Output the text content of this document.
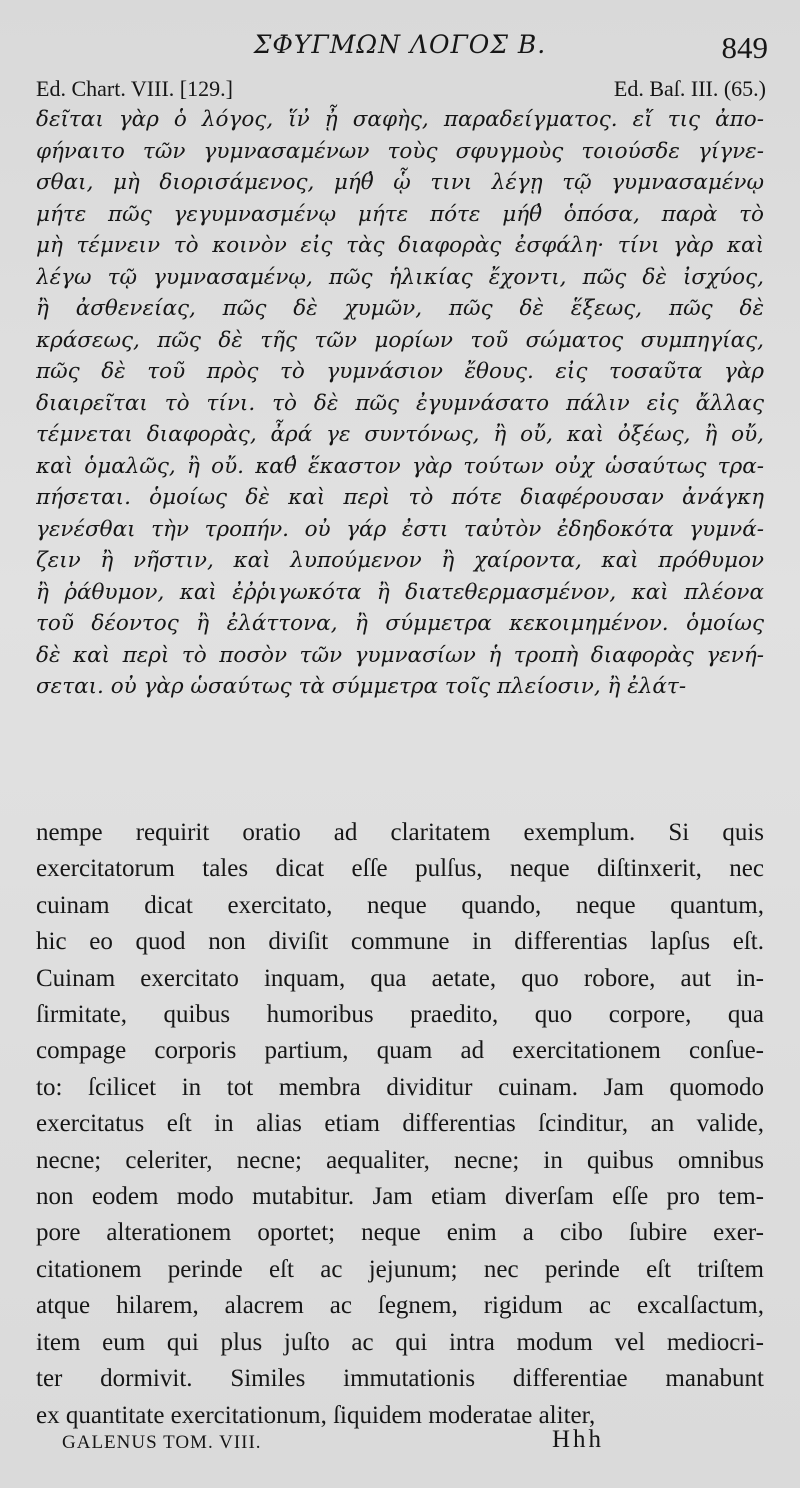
ΣΦΥΓΜΩΝ ΛΟΓΟΣ Β.	849
Ed. Chart. VIII. [129.]	Ed. Baſ. III. (65.)
δεῖται γὰρ ὁ λόγος, ἵν̓ ᾖ σαφὴς, παραδείγματος. εἴ τις ἀπο-
φήναιτο τῶν γυμνασαμένων τοὺς σφυγμοὺς τοιούσδε γίγνε-
σθαι, μὴ διορισάμενος, μήθ̓ ᾧ τινι λέγῃ τῷ γυμνασαμένῳ
μήτε πῶς γεγυμνασμένῳ μήτε πότε μήθ̓ ὁπόσα, παρὰ τὸ
μὴ τέμνειν τὸ κοινὸν εἰς τὰς διαφορὰς ἐσφάλη· τίνι γὰρ καὶ
λέγω τῷ γυμνασαμένῳ, πῶς ἡλικίας ἔχοντι, πῶς δὲ ἰσχύος,
ἢ ἀσθενείας, πῶς δὲ χυμῶν, πῶς δὲ ἕξεως, πῶς δὲ
κράσεως, πῶς δὲ τῆς τῶν μορίων τοῦ σώματος συμπηγίας,
πῶς δὲ τοῦ πρὸς τὸ γυμνάσιον ἔθους. εἰς τοσαῦτα γὰρ
διαιρεῖται τὸ τίνι. τὸ δὲ πῶς ἐγυμνάσατο πάλιν εἰς ἄλλας
τέμνεται διαφορὰς, ἆρά γε συντόνως, ἢ οὔ, καὶ ὀξέως, ἢ οὔ,
καὶ ὁμαλῶς, ἢ οὔ. καθ̓ ἕκαστον γὰρ τούτων οὐχ ὡσαύτως τρα-
πήσεται. ὁμοίως δὲ καὶ περὶ τὸ πότε διαφέρουσαν ἀνάγκη
γενέσθαι τὴν τροπήν. οὐ γάρ ἐστι ταὐτὸν ἐδηδοκότα γυμνά-
ζειν ἢ νῆστιν, καὶ λυπούμενον ἢ χαίροντα, καὶ πρόθυμον
ἢ ῥάθυμον, καὶ ἐῤῥιγωκότα ἢ διατεθερμασμένον, καὶ πλέονα
τοῦ δέοντος ἢ ἐλάττονα, ἢ σύμμετρα κεκοιμημένον. ὁμοίως
δὲ καὶ περὶ τὸ ποσὸν τῶν γυμνασίων ἡ τροπὴ διαφορὰς γενή-
σεται. οὐ γὰρ ὡσαύτως τὰ σύμμετρα τοῖς πλείοσιν, ἢ ἐλάτ-
nempe requirit oratio ad claritatem exemplum. Si quis
exercitatorum tales dicat eſſe pulſus, neque diſtinxerit, nec
cuinam dicat exercitato, neque quando, neque quantum,
hic eo quod non diviſit commune in differentias lapſus eſt.
Cuinam exercitato inquam, qua aetate, quo robore, aut in-
ſirmitate, quibus humoribus praedito, quo corpore, qua
compage corporis partium, quam ad exercitationem conſue-
to: ſcilicet in tot membra dividitur cuinam. Jam quomodo
exercitatus eſt in alias etiam differentias ſcinditur, an valide,
necne; celeriter, necne; aequaliter, necne; in quibus omnibus
non eodem modo mutabitur. Jam etiam diverſam eſſe pro tem-
pore alterationem oportet; neque enim a cibo ſubire exer-
citationem perinde eſt ac jejunum; nec perinde eſt triſtem
atque hilarem, alacrem ac ſegnem, rigidum ac excalſactum,
item eum qui plus juſto ac qui intra modum vel mediocri-
ter dormivit. Similes immutationis differentiae manabunt
ex quantitate exercitationum, ſiquidem moderatae aliter,
GALENUS TOM. VIII.	Hhh
